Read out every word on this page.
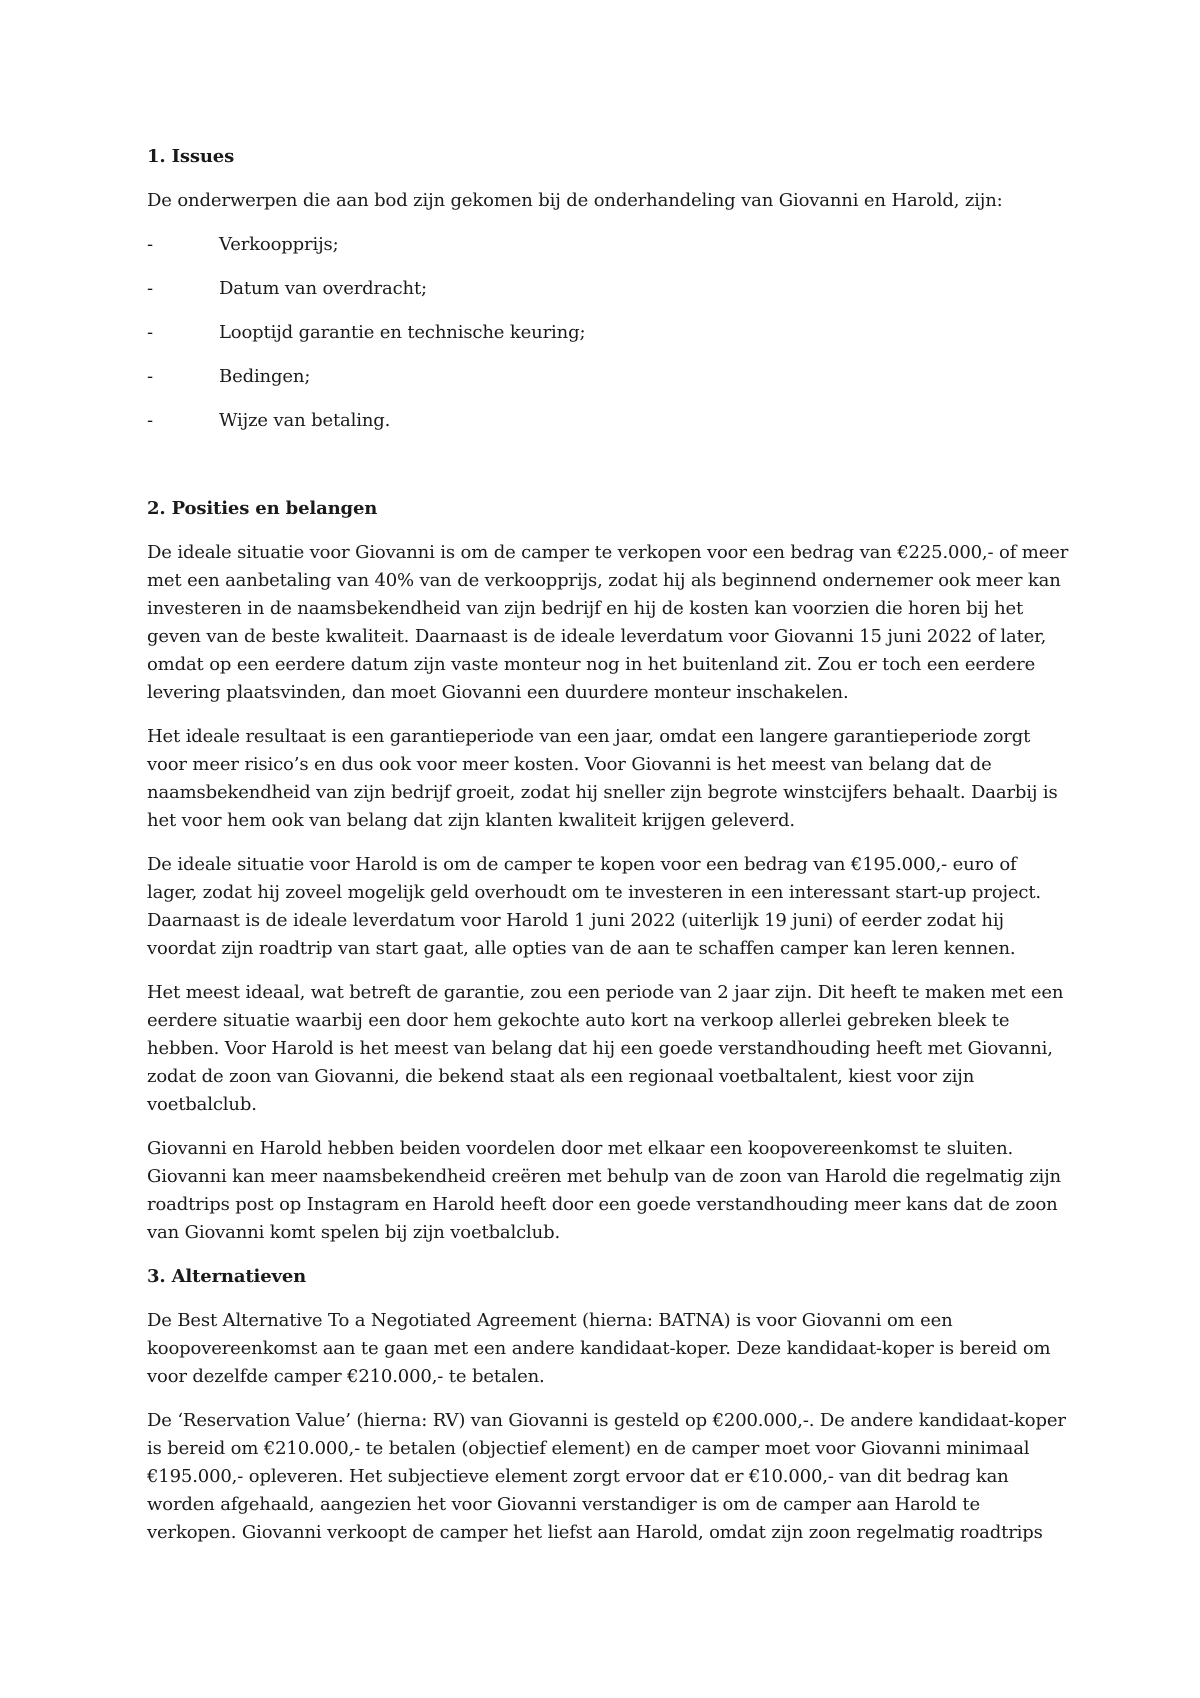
1. Issues

De onderwerpen die aan bod zijn gekomen bij de onderhandeling van Giovanni en Harold, zijn:

-	Verkoopprijs;
-	Datum van overdracht;
-	Looptijd garantie en technische keuring;
-	Bedingen;
-	Wijze van betaling.
2. Posities en belangen

De ideale situatie voor Giovanni is om de camper te verkopen voor een bedrag van €225.000,- of meer met een aanbetaling van 40% van de verkoopprijs, zodat hij als beginnend ondernemer ook meer kan investeren in de naamsbekendheid van zijn bedrijf en hij de kosten kan voorzien die horen bij het geven van de beste kwaliteit. Daarnaast is de ideale leverdatum voor Giovanni 15 juni 2022 of later, omdat op een eerdere datum zijn vaste monteur nog in het buitenland zit. Zou er toch een eerdere levering plaatsvinden, dan moet Giovanni een duurdere monteur inschakelen.

Het ideale resultaat is een garantieperiode van een jaar, omdat een langere garantieperiode zorgt voor meer risico’s en dus ook voor meer kosten. Voor Giovanni is het meest van belang dat de naamsbekendheid van zijn bedrijf groeit, zodat hij sneller zijn begrote winstcijfers behaalt. Daarbij is het voor hem ook van belang dat zijn klanten kwaliteit krijgen geleverd.

De ideale situatie voor Harold is om de camper te kopen voor een bedrag van €195.000,- euro of lager, zodat hij zoveel mogelijk geld overhoudt om te investeren in een interessant start-up project. Daarnaast is de ideale leverdatum voor Harold 1 juni 2022 (uiterlijk 19 juni) of eerder zodat hij voordat zijn roadtrip van start gaat, alle opties van de aan te schaffen camper kan leren kennen.

Het meest ideaal, wat betreft de garantie, zou een periode van 2 jaar zijn. Dit heeft te maken met een eerdere situatie waarbij een door hem gekochte auto kort na verkoop allerlei gebreken bleek te hebben. Voor Harold is het meest van belang dat hij een goede verstandhouding heeft met Giovanni, zodat de zoon van Giovanni, die bekend staat als een regionaal voetbaltalent, kiest voor zijn voetbalclub.

Giovanni en Harold hebben beiden voordelen door met elkaar een koopovereenkomst te sluiten. Giovanni kan meer naamsbekendheid creëren met behulp van de zoon van Harold die regelmatig zijn roadtrips post op Instagram en Harold heeft door een goede verstandhouding meer kans dat de zoon van Giovanni komt spelen bij zijn voetbalclub.

3. Alternatieven

De Best Alternative To a Negotiated Agreement (hierna: BATNA) is voor Giovanni om een koopovereenkomst aan te gaan met een andere kandidaat-koper. Deze kandidaat-koper is bereid om voor dezelfde camper €210.000,- te betalen.

De ‘Reservation Value’ (hierna: RV) van Giovanni is gesteld op €200.000,-. De andere kandidaat-koper is bereid om €210.000,- te betalen (objectief element) en de camper moet voor Giovanni minimaal €195.000,- opleveren. Het subjectieve element zorgt ervoor dat er €10.000,- van dit bedrag kan worden afgehaald, aangezien het voor Giovanni verstandiger is om de camper aan Harold te verkopen. Giovanni verkoopt de camper het liefst aan Harold, omdat zijn zoon regelmatig roadtrips
